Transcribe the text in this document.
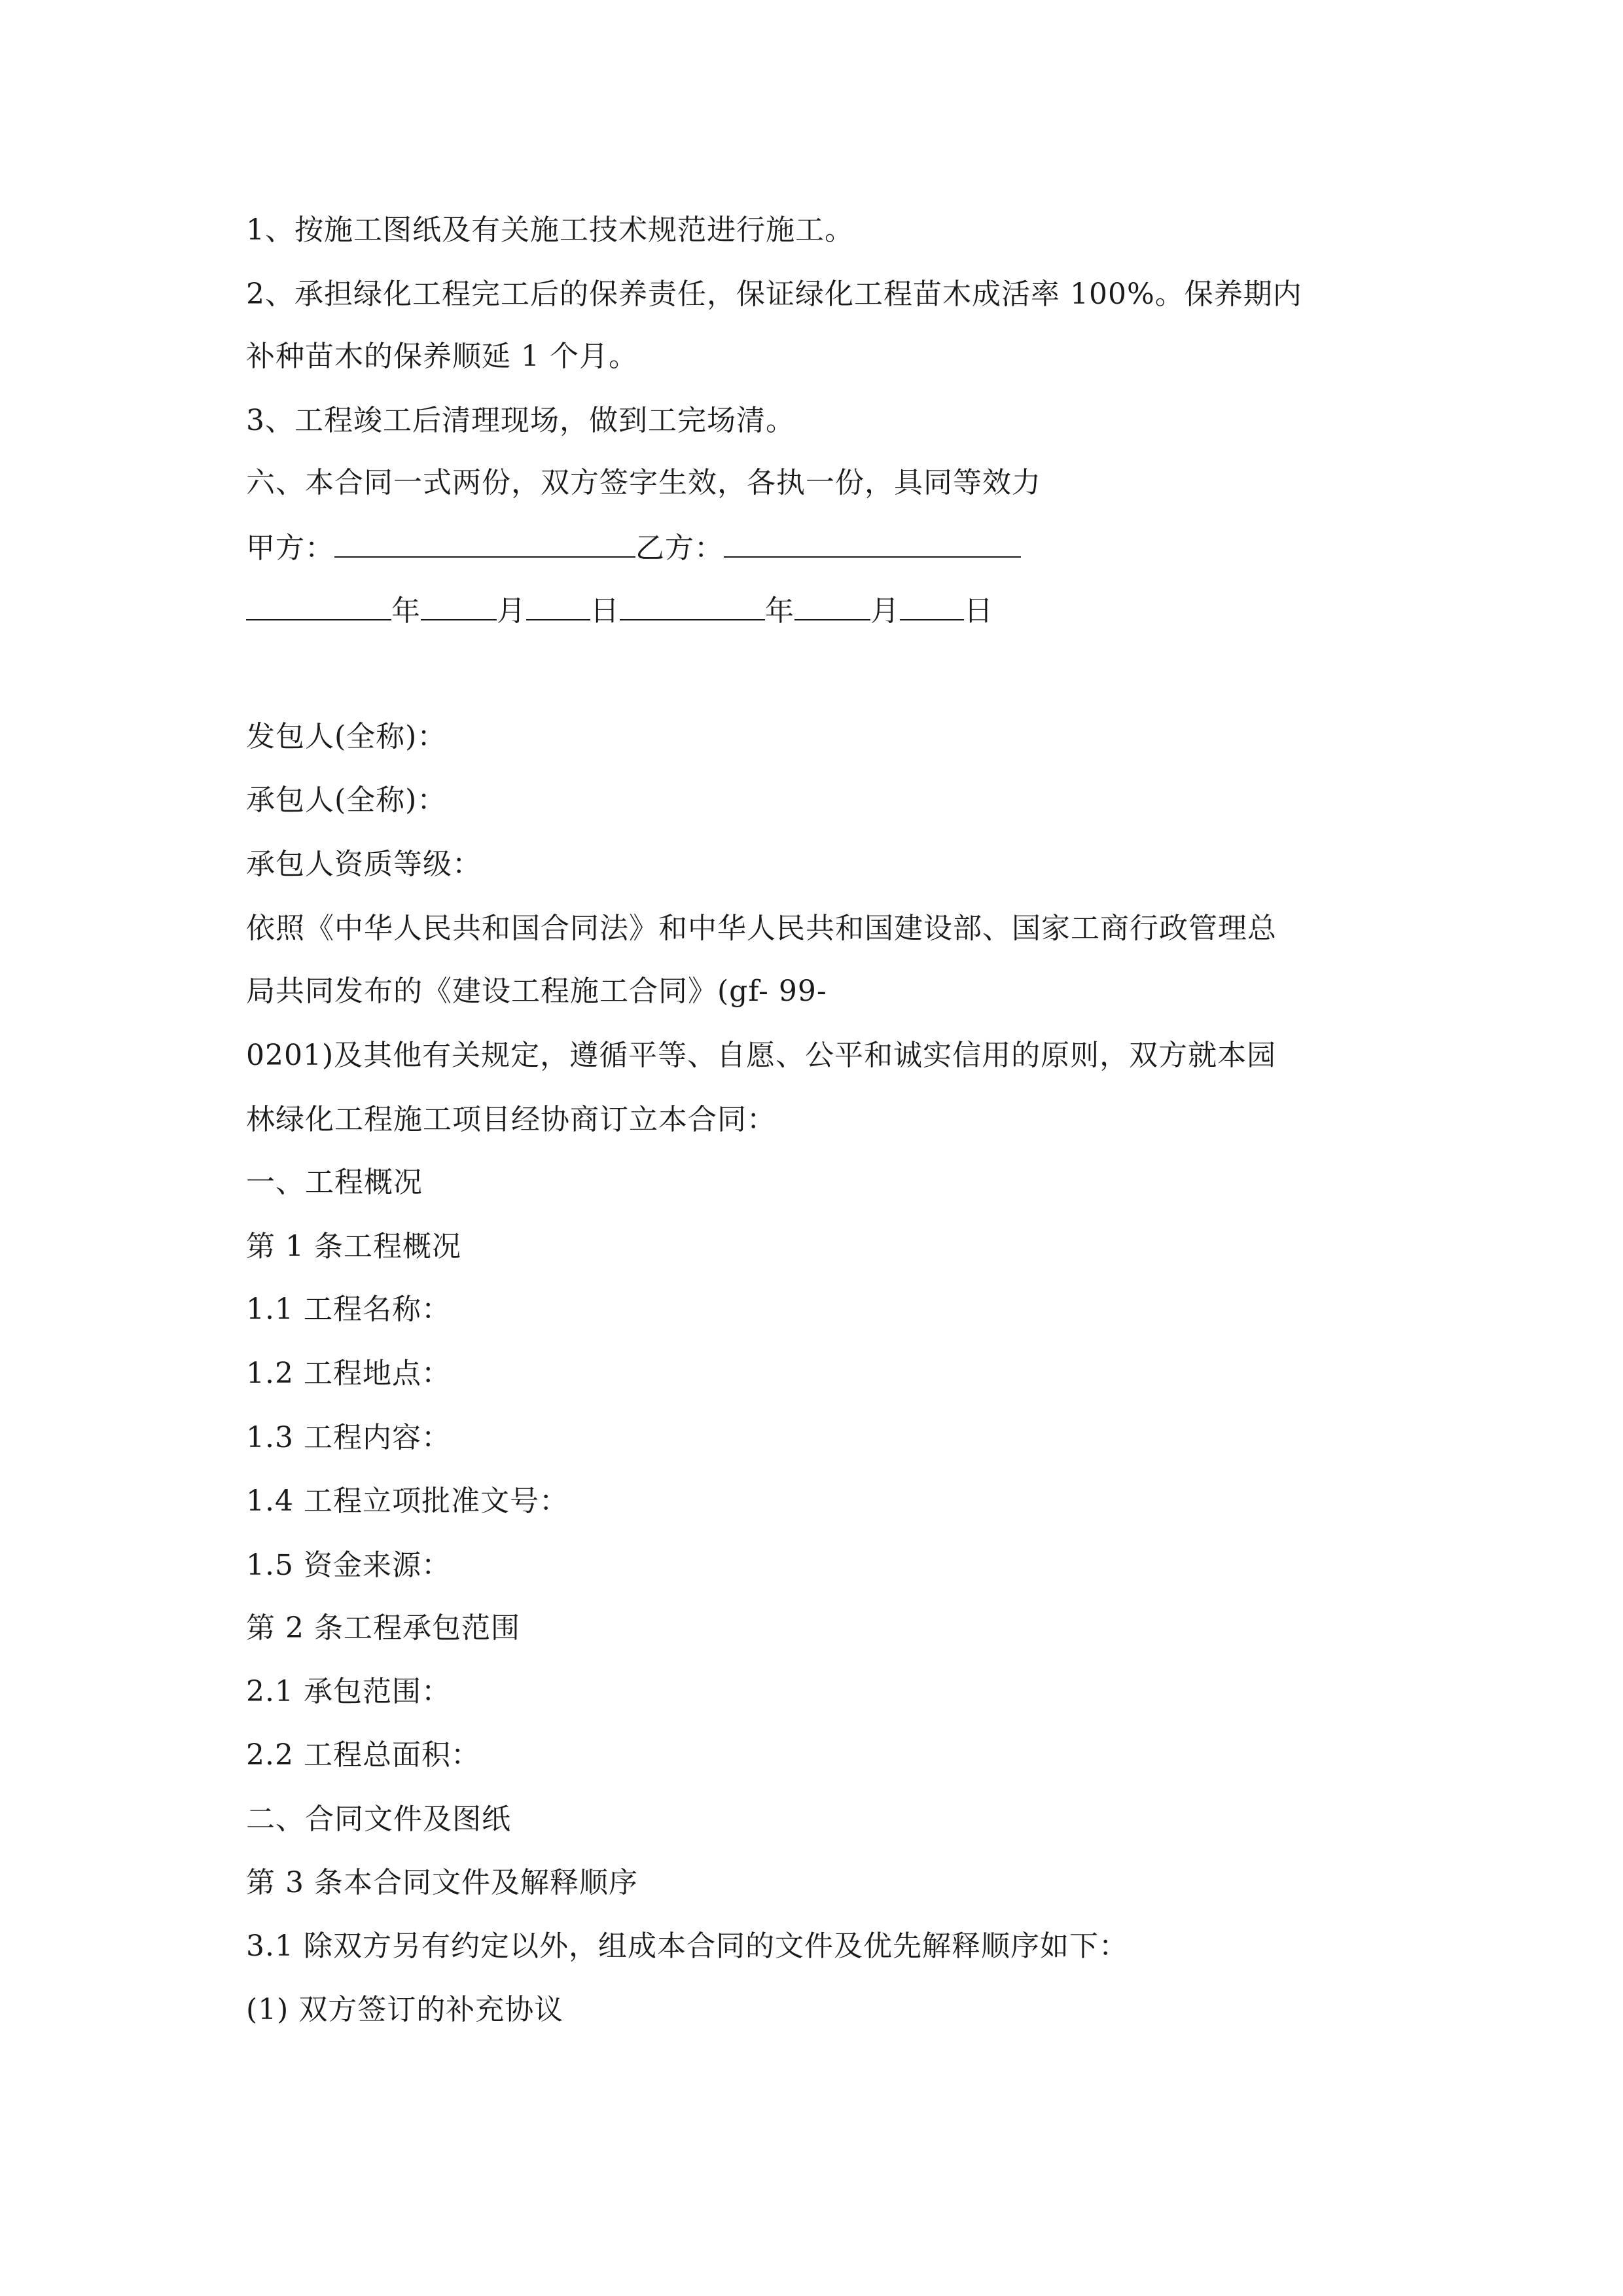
1、按施工图纸及有关施工技术规范进行施工。
2、承担绿化工程完工后的保养责任，保证绿化工程苗木成活率 100%。保养期内
补种苗木的保养顺延 1 个月。
3、工程竣工后清理现场，做到工完场清。
六、本合同一式两份，双方签字生效，各执一份，具同等效力
甲方：	乙方：
年	月 日	年	月 日
发包人(全称)：
承包人(全称)：
承包人资质等级：
依照《中华人民共和国合同法》和中华人民共和国建设部、国家工商行政管理总
局共同发布的《建设工程施工合同》(gf- 99-
0201)及其他有关规定，遵循平等、自愿、公平和诚实信用的原则，双方就本园
林绿化工程施工项目经协商订立本合同：
一、工程概况
第 1 条工程概况
1.1 工程名称：
1.2 工程地点：
1.3 工程内容：
1.4 工程立项批准文号：
1.5 资金来源：
第 2 条工程承包范围
2.1 承包范围：
2.2 工程总面积：
二、合同文件及图纸
第 3 条本合同文件及解释顺序
3.1 除双方另有约定以外，组成本合同的文件及优先解释顺序如下：
(1) 双方签订的补充协议
